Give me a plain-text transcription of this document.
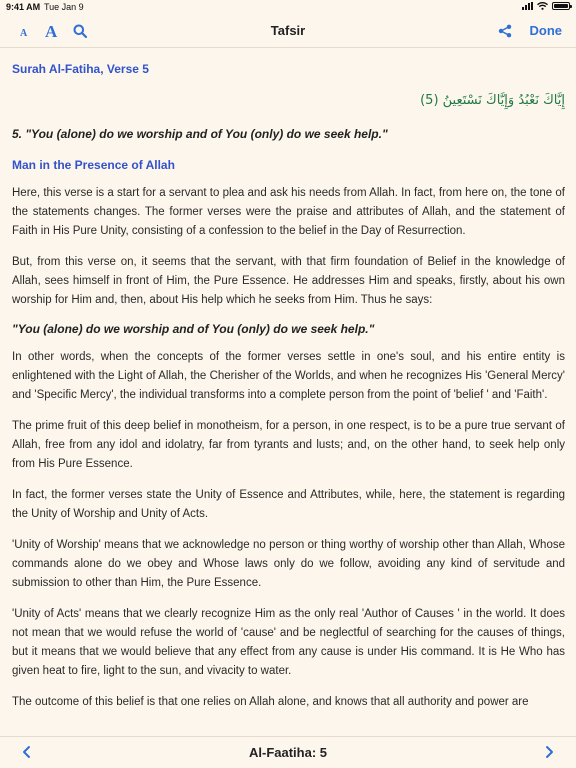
9:41 AM Tue Jan 9
A A	Tafsir	Done
Surah Al-Fatiha, Verse 5
إِيَّاكَ نَعْبُدُ وَإِيَّاكَ نَسْتَعِينُ (5)
5. "You (alone) do we worship and of You (only) do we seek help."
Man in the Presence of Allah

Here, this verse is a start for a servant to plea and ask his needs from Allah. In fact, from here on, the tone of the statements changes. The former verses were the praise and attributes of Allah, and the statement of Faith in His Pure Unity, consisting of a confession to the belief in the Day of Resurrection.

But, from this verse on, it seems that the servant, with that firm foundation of Belief in the knowledge of Allah, sees himself in front of Him, the Pure Essence. He addresses Him and speaks, firstly, about his own worship for Him and, then, about His help which he seeks from Him. Thus he says:

"You (alone) do we worship and of You (only) do we seek help."

In other words, when the concepts of the former verses settle in one's soul, and his entire entity is enlightened with the Light of Allah, the Cherisher of the Worlds, and when he recognizes His 'General Mercy' and 'Specific Mercy', the individual transforms into a complete person from the point of 'belief ' and 'Faith'.

The prime fruit of this deep belief in monotheism, for a person, in one respect, is to be a pure true servant of Allah, free from any idol and idolatry, far from tyrants and lusts; and, on the other hand, to seek help only from His Pure Essence.

In fact, the former verses state the Unity of Essence and Attributes, while, here, the statement is regarding the Unity of Worship and Unity of Acts.

'Unity of Worship' means that we acknowledge no person or thing worthy of worship other than Allah, Whose commands alone do we obey and Whose laws only do we follow, avoiding any kind of servitude and submission to other than Him, the Pure Essence.

'Unity of Acts' means that we clearly recognize Him as the only real 'Author of Causes ' in the world. It does not mean that we would refuse the world of 'cause' and be neglectful of searching for the causes of things, but it means that we would believe that any effect from any cause is under His command. It is He Who has given heat to fire, light to the sun, and vivacity to water.

The outcome of this belief is that one relies on Allah alone, and knows that all authority and power are

Al-Faatiha: 5
